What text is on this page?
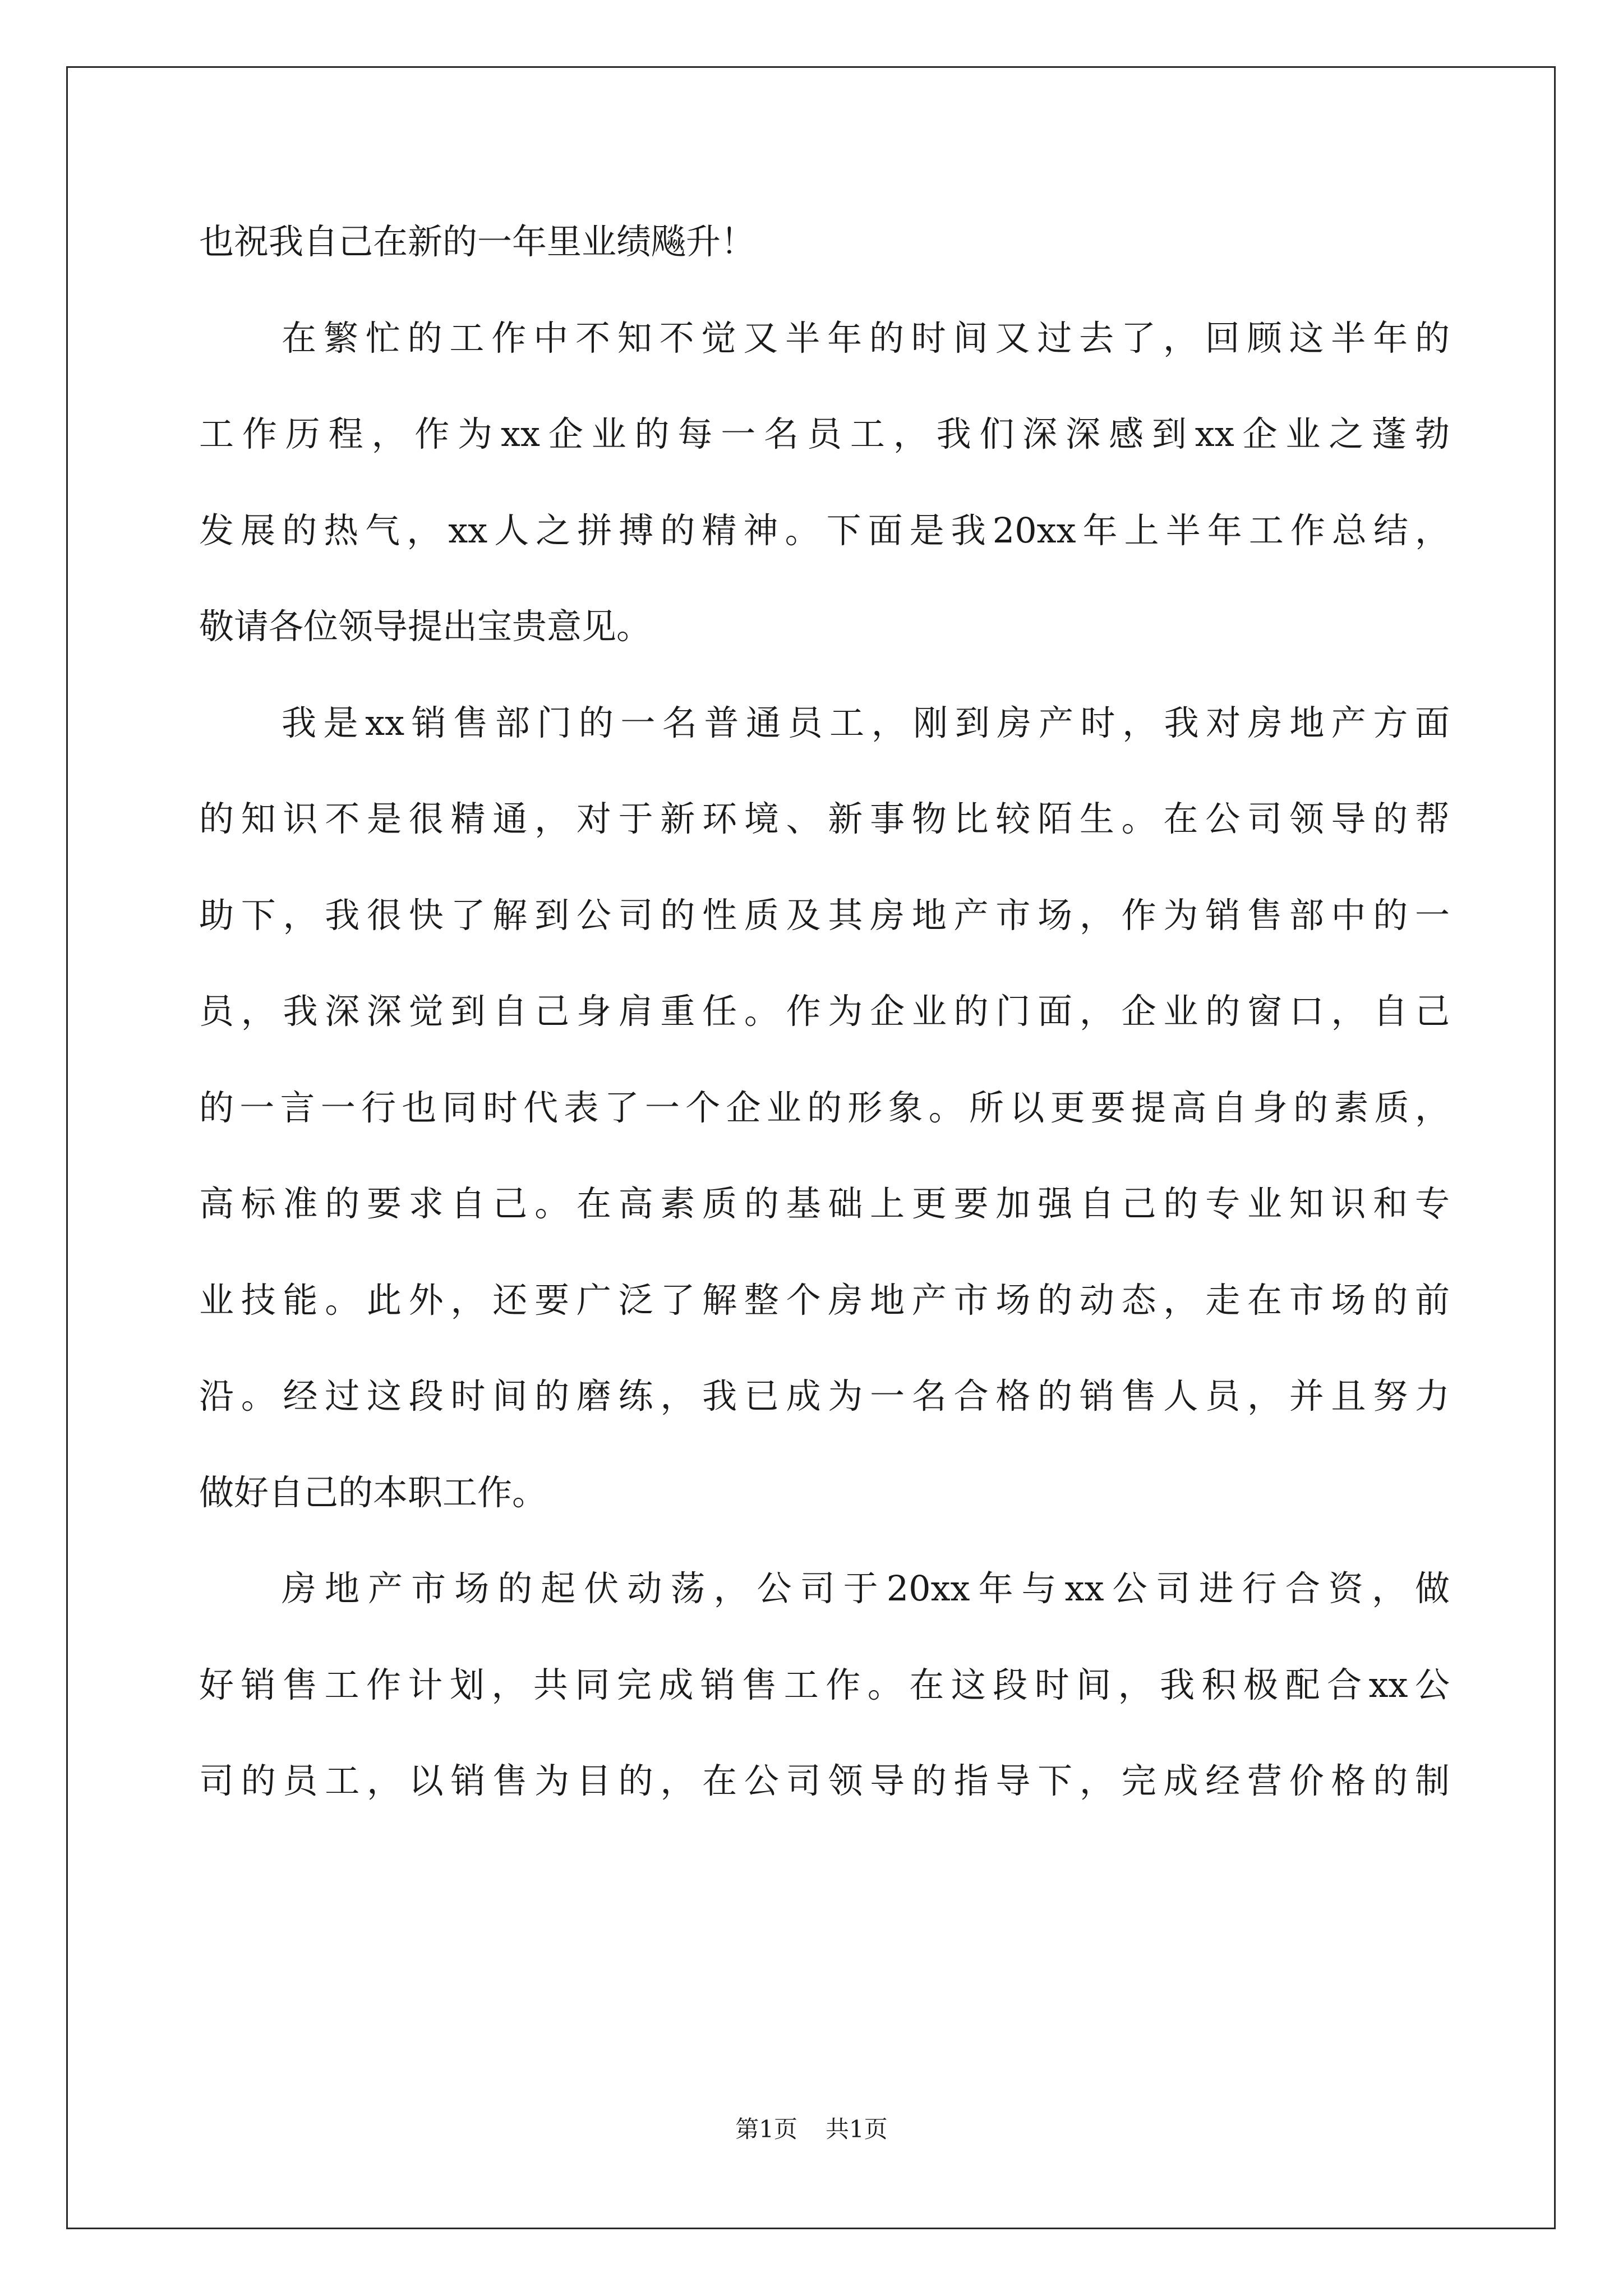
也祝我自己在新的一年里业绩飚升！
在繁忙的工作中不知不觉又半年的时间又过去了，回顾这半年的
工作历程，作为xx企业的每一名员工，我们深深感到xx企业之蓬勃
发展的热气，xx人之拼搏的精神。下面是我20xx年上半年工作总结，
敬请各位领导提出宝贵意见。
我是xx销售部门的一名普通员工，刚到房产时，我对房地产方面
的知识不是很精通，对于新环境、新事物比较陌生。在公司领导的帮
助下，我很快了解到公司的性质及其房地产市场，作为销售部中的一
员，我深深觉到自己身肩重任。作为企业的门面，企业的窗口，自己
的一言一行也同时代表了一个企业的形象。所以更要提高自身的素质，
高标准的要求自己。在高素质的基础上更要加强自己的专业知识和专
业技能。此外，还要广泛了解整个房地产市场的动态，走在市场的前
沿。经过这段时间的磨练，我已成为一名合格的销售人员，并且努力
做好自己的本职工作。
房地产市场的起伏动荡，公司于20xx年与xx公司进行合资，做
好销售工作计划，共同完成销售工作。在这段时间，我积极配合xx公
司的员工，以销售为目的，在公司领导的指导下，完成经营价格的制
第1页 共1页
